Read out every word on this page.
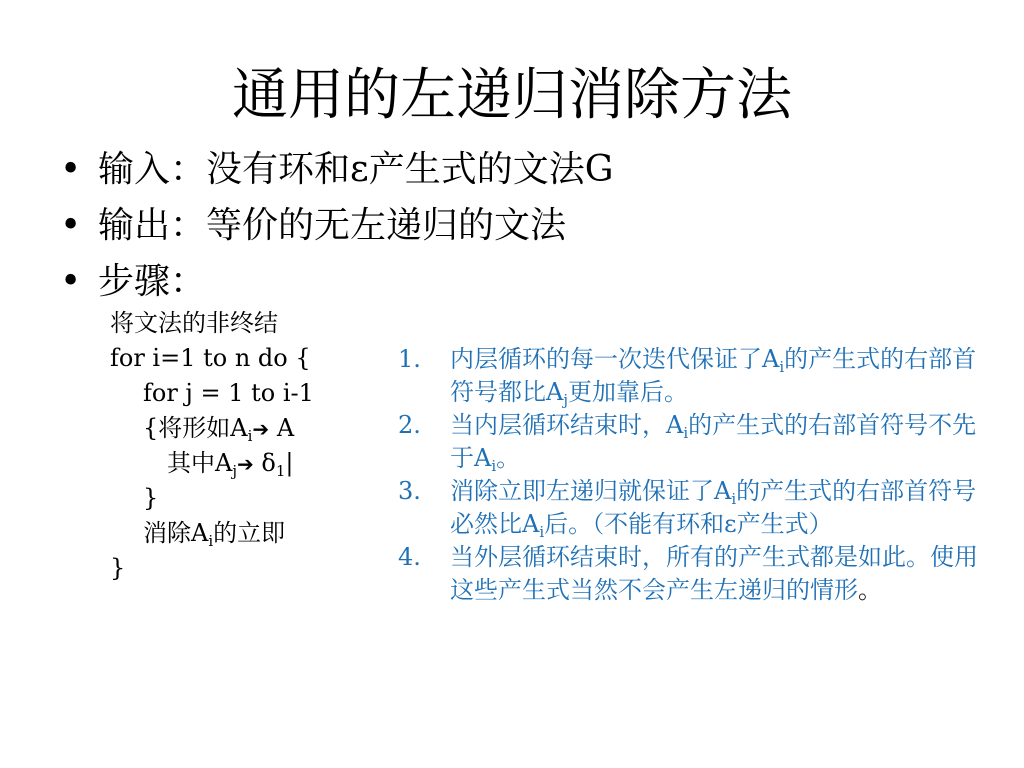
通用的左递归消除方法
• 输入：没有环和ε产生式的文法G
• 输出：等价的无左递归的文法
• 步骤：
将文法的非终结
for i=1 to n do {
for j = 1 to i-1
{将形如$A_i➔$ A
其中$A_j➔$ $\delta_1|$
}
消除$A_i$的立即
}
1. 内层循环的每一次迭代保证了$A_i$的产生式的右部首符号都比$A_j$更加靠后。
2. 当内层循环结束时，$A_i$的产生式的右部首符号不先于$A_i$。
3. 消除立即左递归就保证了$A_i$的产生式的右部首符号必然比$A_i$后。（不能有环和ε产生式）
4. 当外层循环结束时，所有的产生式都是如此。使用这些产生式当然不会产生左递归的情形。
